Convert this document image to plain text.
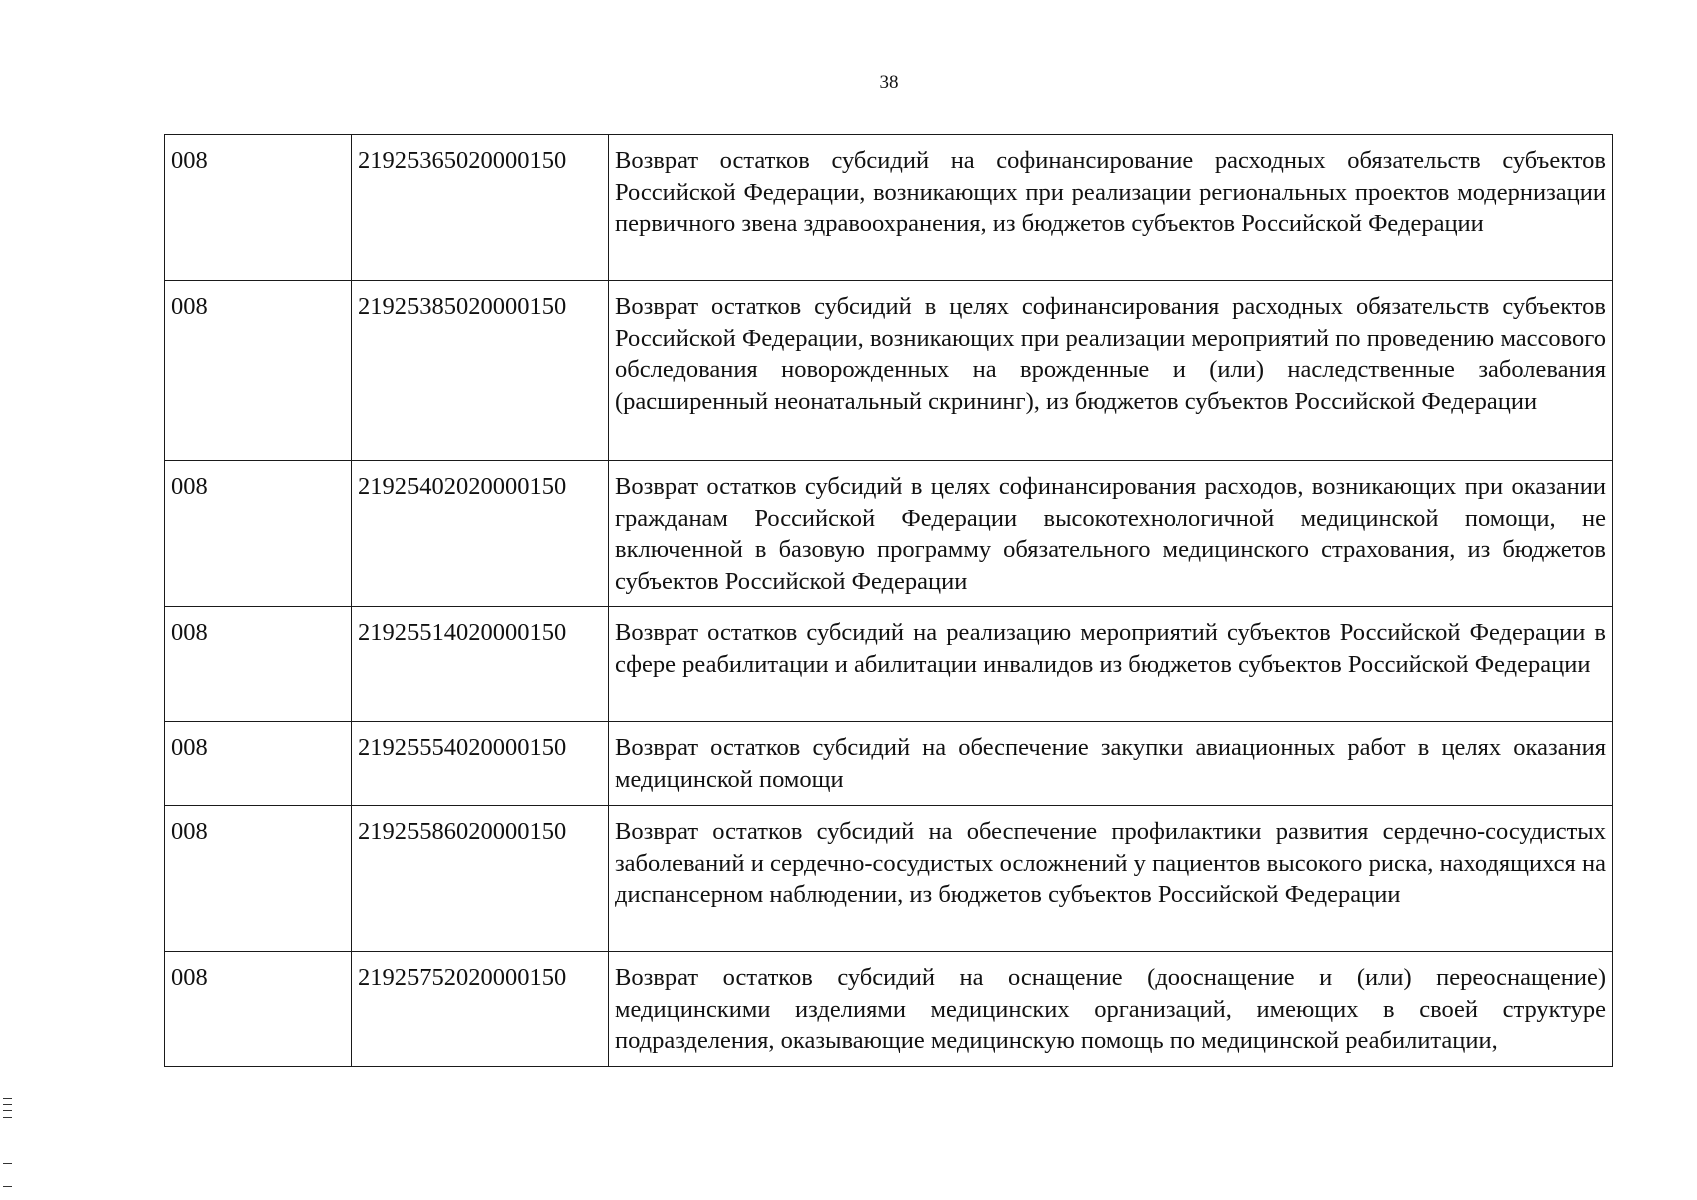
38
008	21925365020000150	Возврат остатков субсидий на софинансирование расходных обязательств субъектов Российской Федерации, возникающих при реализации региональных проектов модернизации первичного звена здравоохранения, из бюджетов субъектов Российской Федерации
008	21925385020000150	Возврат остатков субсидий в целях софинансирования расходных обязательств субъектов Российской Федерации, возникающих при реализации мероприятий по проведению массового обследования новорожденных на врожденные и (или) наследственные заболевания (расширенный неонатальный скрининг), из бюджетов субъектов Российской Федерации
008	21925402020000150	Возврат остатков субсидий в целях софинансирования расходов, возникающих при оказании гражданам Российской Федерации высокотехнологичной медицинской помощи, не включенной в базовую программу обязательного медицинского страхования, из бюджетов субъектов Российской Федерации
008	21925514020000150	Возврат остатков субсидий на реализацию мероприятий субъектов Российской Федерации в сфере реабилитации и абилитации инвалидов из бюджетов субъектов Российской Федерации
008	21925554020000150	Возврат остатков субсидий на обеспечение закупки авиационных работ в целях оказания медицинской помощи
008	21925586020000150	Возврат остатков субсидий на обеспечение профилактики развития сердечно-сосудистых заболеваний и сердечно-сосудистых осложнений у пациентов высокого риска, находящихся на диспансерном наблюдении, из бюджетов субъектов Российской Федерации
008	21925752020000150	Возврат остатков субсидий на оснащение (дооснащение и (или) переоснащение) медицинскими изделиями медицинских организаций, имеющих в своей структуре подразделения, оказывающие медицинскую помощь по медицинской реабилитации,
